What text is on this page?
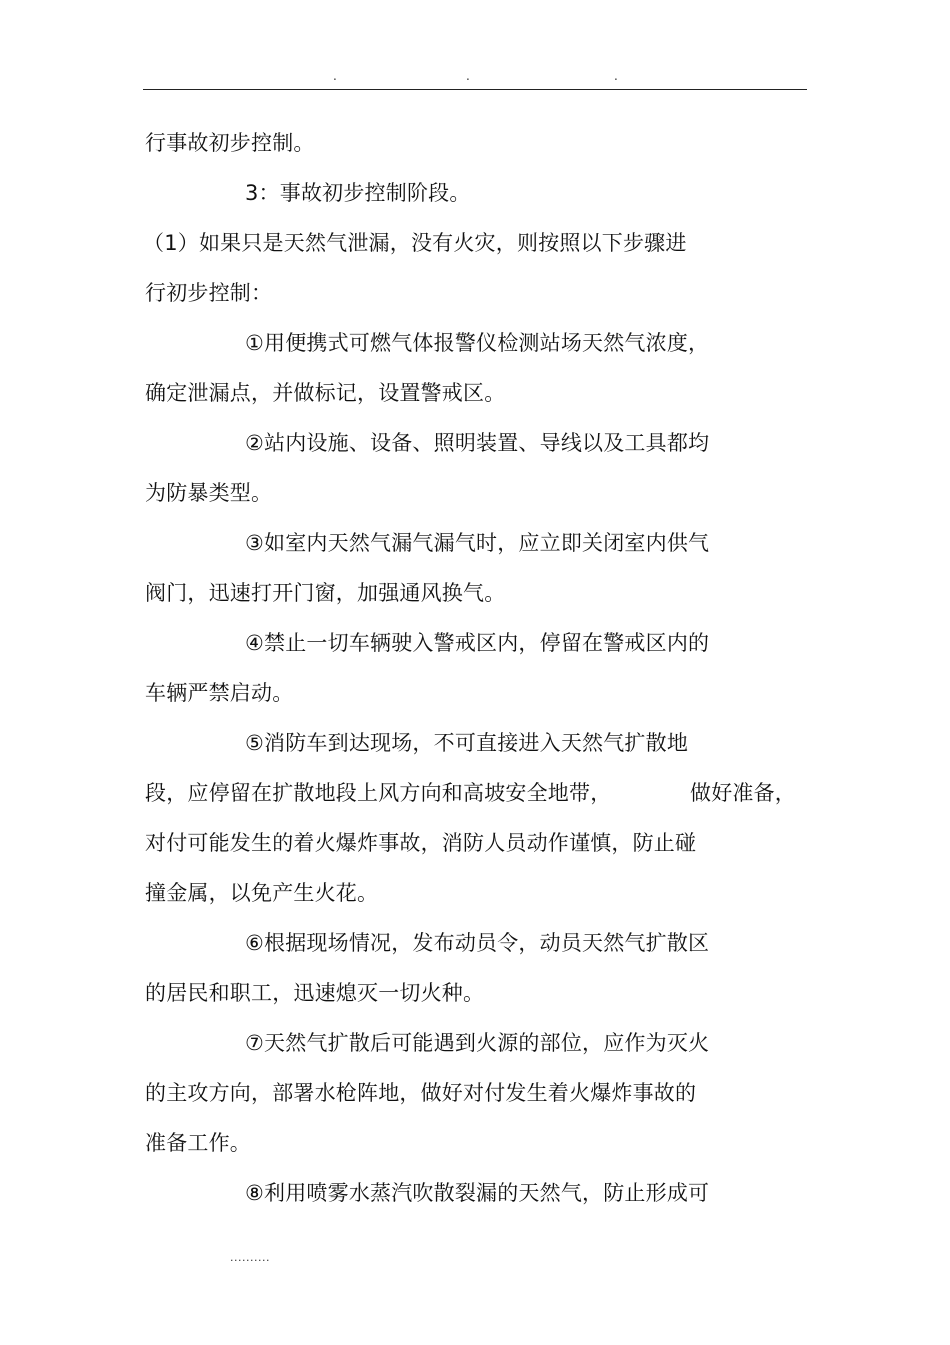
.	.	.
行事故初步控制。
3：事故初步控制阶段。
（1）如果只是天然气泄漏，没有火灾，则按照以下步骤进
行初步控制：
①用便携式可燃气体报警仪检测站场天然气浓度，
确定泄漏点，并做标记，设置警戒区。
②站内设施、设备、照明装置、导线以及工具都均
为防暴类型。
③如室内天然气漏气漏气时，应立即关闭室内供气
阀门，迅速打开门窗，加强通风换气。
④禁止一切车辆驶入警戒区内，停留在警戒区内的
车辆严禁启动。
⑤消防车到达现场，不可直接进入天然气扩散地
段，应停留在扩散地段上风方向和高坡安全地带，	做好准备，
对付可能发生的着火爆炸事故，消防人员动作谨慎，防止碰
撞金属，以免产生火花。
⑥根据现场情况，发布动员令，动员天然气扩散区
的居民和职工，迅速熄灭一切火种。
⑦天然气扩散后可能遇到火源的部位，应作为灭火
的主攻方向，部署水枪阵地，做好对付发生着火爆炸事故的
准备工作。
⑧利用喷雾水蒸汽吹散裂漏的天然气，防止形成可
..........
